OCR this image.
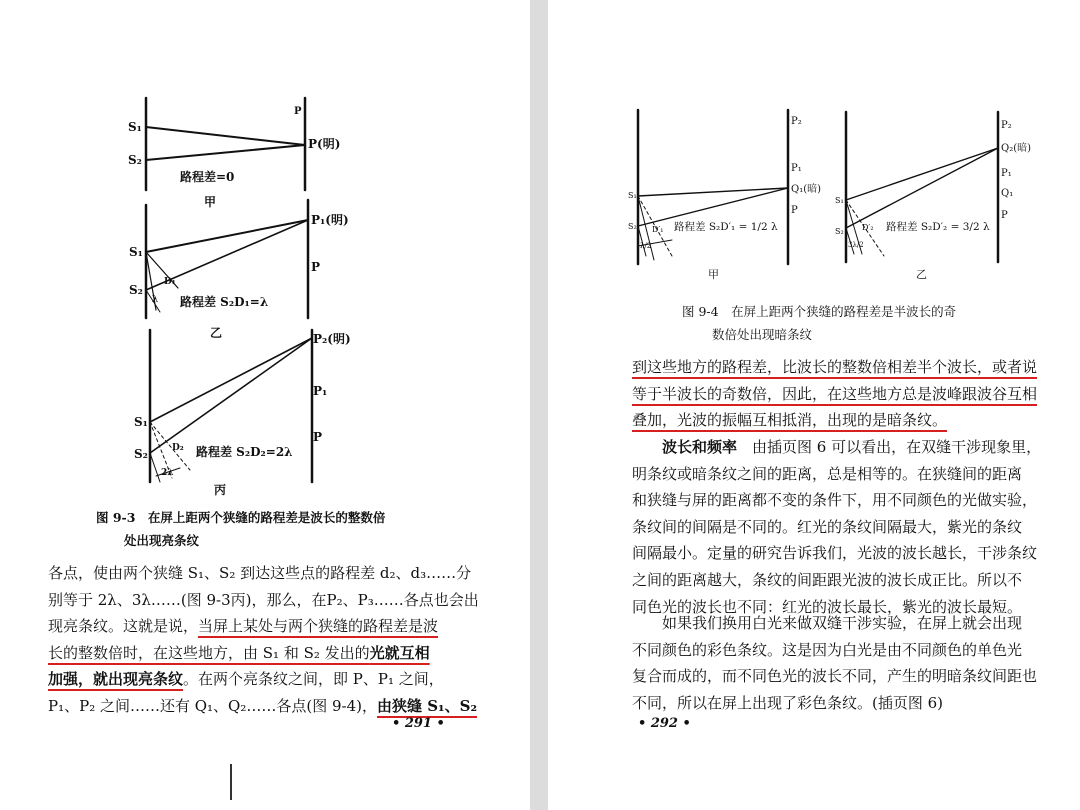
S₁
S₂
P(明)
P
路程差=0
甲
S₁
S₂
P₁(明)
P
D₁
λ 路程差 S₂D₁=λ
乙	P₂(明)
P₁
P
S₁
S₂	D₂
2λ
路程差 S₂D₂=2λ
丙
图 9-3　在屏上距两个狭缝的路程差是波长的整数倍
处出现亮条纹
各点，使由两个狭缝 S₁、S₂ 到达这些点的路程差 d₂、d₃……分
别等于 2λ、3λ……(图 9-3丙)，那么，在P₂、P₃……各点也会出
现亮条纹。这就是说，当屏上某处与两个狭缝的路程差是波
长的整数倍时，在这些地方，由 S₁ 和 S₂ 发出的光就互相
加强，就出现亮条纹。在两个亮条纹之间，即 P、P₁ 之间，
P₁、P₂ 之间……还有 Q₁、Q₂……各点(图 9-4)，由狭缝 S₁、S₂
• 291 •
P₂
P₁
Q₁(暗)
P
S₁
S₂ D′₁
λ/2
路程差 S₂D′₁ = 1/2 λ
甲
P₂
Q₂(暗)
P₁
Q₁
P
S₁
S₂ D′₂
3λ/2
路程差 S₂D′₂ = 3/2 λ
乙
图 9-4　在屏上距两个狭缝的路程差是半波长的奇
数倍处出现暗条纹
到这些地方的路程差，比波长的整数倍相差半个波长，或者说
等于半波长的奇数倍，因此，在这些地方总是波峰跟波谷互相
叠加，光波的振幅互相抵消，出现的是暗条纹。
波长和频率　由插页图 6 可以看出，在双缝干涉现象里，
明条纹或暗条纹之间的距离，总是相等的。在狭缝间的距离
和狭缝与屏的距离都不变的条件下，用不同颜色的光做实验，
条纹间的间隔是不同的。红光的条纹间隔最大，紫光的条纹
间隔最小。定量的研究告诉我们，光波的波长越长，干涉条纹
之间的距离越大，条纹的间距跟光波的波长成正比。所以不
同色光的波长也不同：红光的波长最长，紫光的波长最短。
如果我们换用白光来做双缝干涉实验，在屏上就会出现
不同颜色的彩色条纹。这是因为白光是由不同颜色的单色光
复合而成的，而不同色光的波长不同，产生的明暗条纹间距也
不同，所以在屏上出现了彩色条纹。(插页图 6)
• 292 •
